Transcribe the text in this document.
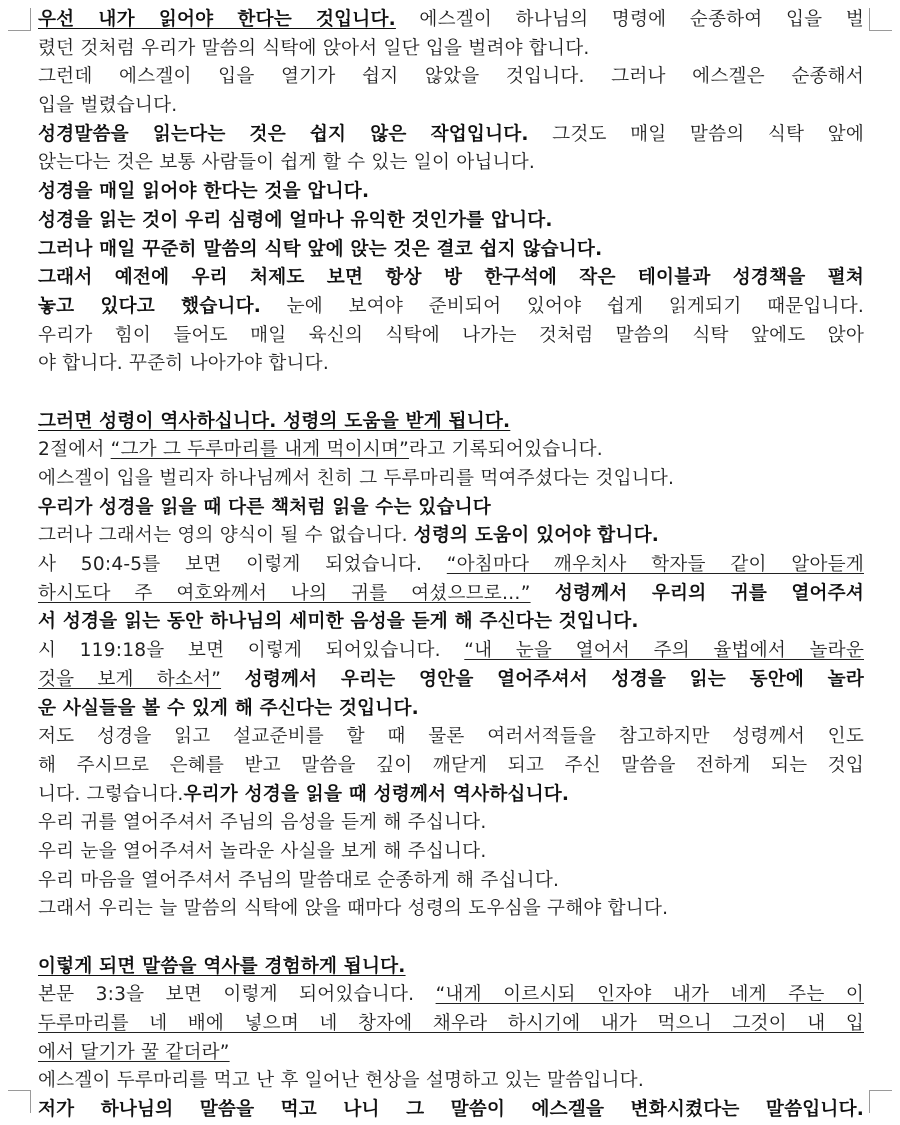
우선 내가 읽어야 한다는 것입니다. 에스겔이 하나님의 명령에 순종하여 입을 벌
렸던 것처럼 우리가 말씀의 식탁에 앉아서 일단 입을 벌려야 합니다.
그런데 에스겔이 입을 열기가 쉽지 않았을 것입니다. 그러나 에스겔은 순종해서
입을 벌렸습니다.
성경말씀을 읽는다는 것은 쉽지 않은 작업입니다. 그것도 매일 말씀의 식탁 앞에
앉는다는 것은 보통 사람들이 쉽게 할 수 있는 일이 아닙니다.
성경을 매일 읽어야 한다는 것을 압니다.
성경을 읽는 것이 우리 심령에 얼마나 유익한 것인가를 압니다.
그러나 매일 꾸준히 말씀의 식탁 앞에 앉는 것은 결코 쉽지 않습니다.
그래서 예전에 우리 처제도 보면 항상 방 한구석에 작은 테이블과 성경책을 펼쳐
놓고 있다고 했습니다. 눈에 보여야 준비되어 있어야 쉽게 읽게되기 때문입니다.
우리가 힘이 들어도 매일 육신의 식탁에 나가는 것처럼 말씀의 식탁 앞에도 앉아
야 합니다. 꾸준히 나아가야 합니다.
그러면 성령이 역사하십니다. 성령의 도움을 받게 됩니다.
2절에서 “그가 그 두루마리를 내게 먹이시며”라고 기록되어있습니다.
에스겔이 입을 벌리자 하나님께서 친히 그 두루마리를 먹여주셨다는 것입니다.
우리가 성경을 읽을 때 다른 책처럼 읽을 수는 있습니다
그러나 그래서는 영의 양식이 될 수 없습니다. 성령의 도움이 있어야 합니다.
사 50:4-5를 보면 이렇게 되었습니다. “아침마다 깨우치사 학자들 같이 알아듣게
하시도다 주 여호와께서 나의 귀를 여셨으므로…” 성령께서 우리의 귀를 열어주셔
서 성경을 읽는 동안 하나님의 세미한 음성을 듣게 해 주신다는 것입니다.
시 119:18을 보면 이렇게 되어있습니다. “내 눈을 열어서 주의 율법에서 놀라운
것을 보게 하소서” 성령께서 우리는 영안을 열어주셔서 성경을 읽는 동안에 놀라
운 사실들을 볼 수 있게 해 주신다는 것입니다.
저도 성경을 읽고 설교준비를 할 때 물론 여러서적들을 참고하지만 성령께서 인도
해 주시므로 은혜를 받고 말씀을 깊이 깨닫게 되고 주신 말씀을 전하게 되는 것입
니다. 그렇습니다.우리가 성경을 읽을 때 성령께서 역사하십니다.
우리 귀를 열어주셔서 주님의 음성을 듣게 해 주십니다.
우리 눈을 열어주셔서 놀라운 사실을 보게 해 주십니다.
우리 마음을 열어주셔서 주님의 말씀대로 순종하게 해 주십니다.
그래서 우리는 늘 말씀의 식탁에 앉을 때마다 성령의 도우심을 구해야 합니다.
이렇게 되면 말씀을 역사를 경험하게 됩니다.
본문 3:3을 보면 이렇게 되어있습니다. “내게 이르시되 인자야 내가 네게 주는 이
두루마리를 네 배에 넣으며 네 창자에 채우라 하시기에 내가 먹으니 그것이 내 입
에서 달기가 꿀 같더라”
에스겔이 두루마리를 먹고 난 후 일어난 현상을 설명하고 있는 말씀입니다.
저가 하나님의 말씀을 먹고 나니 그 말씀이 에스겔을 변화시켰다는 말씀입니다.
